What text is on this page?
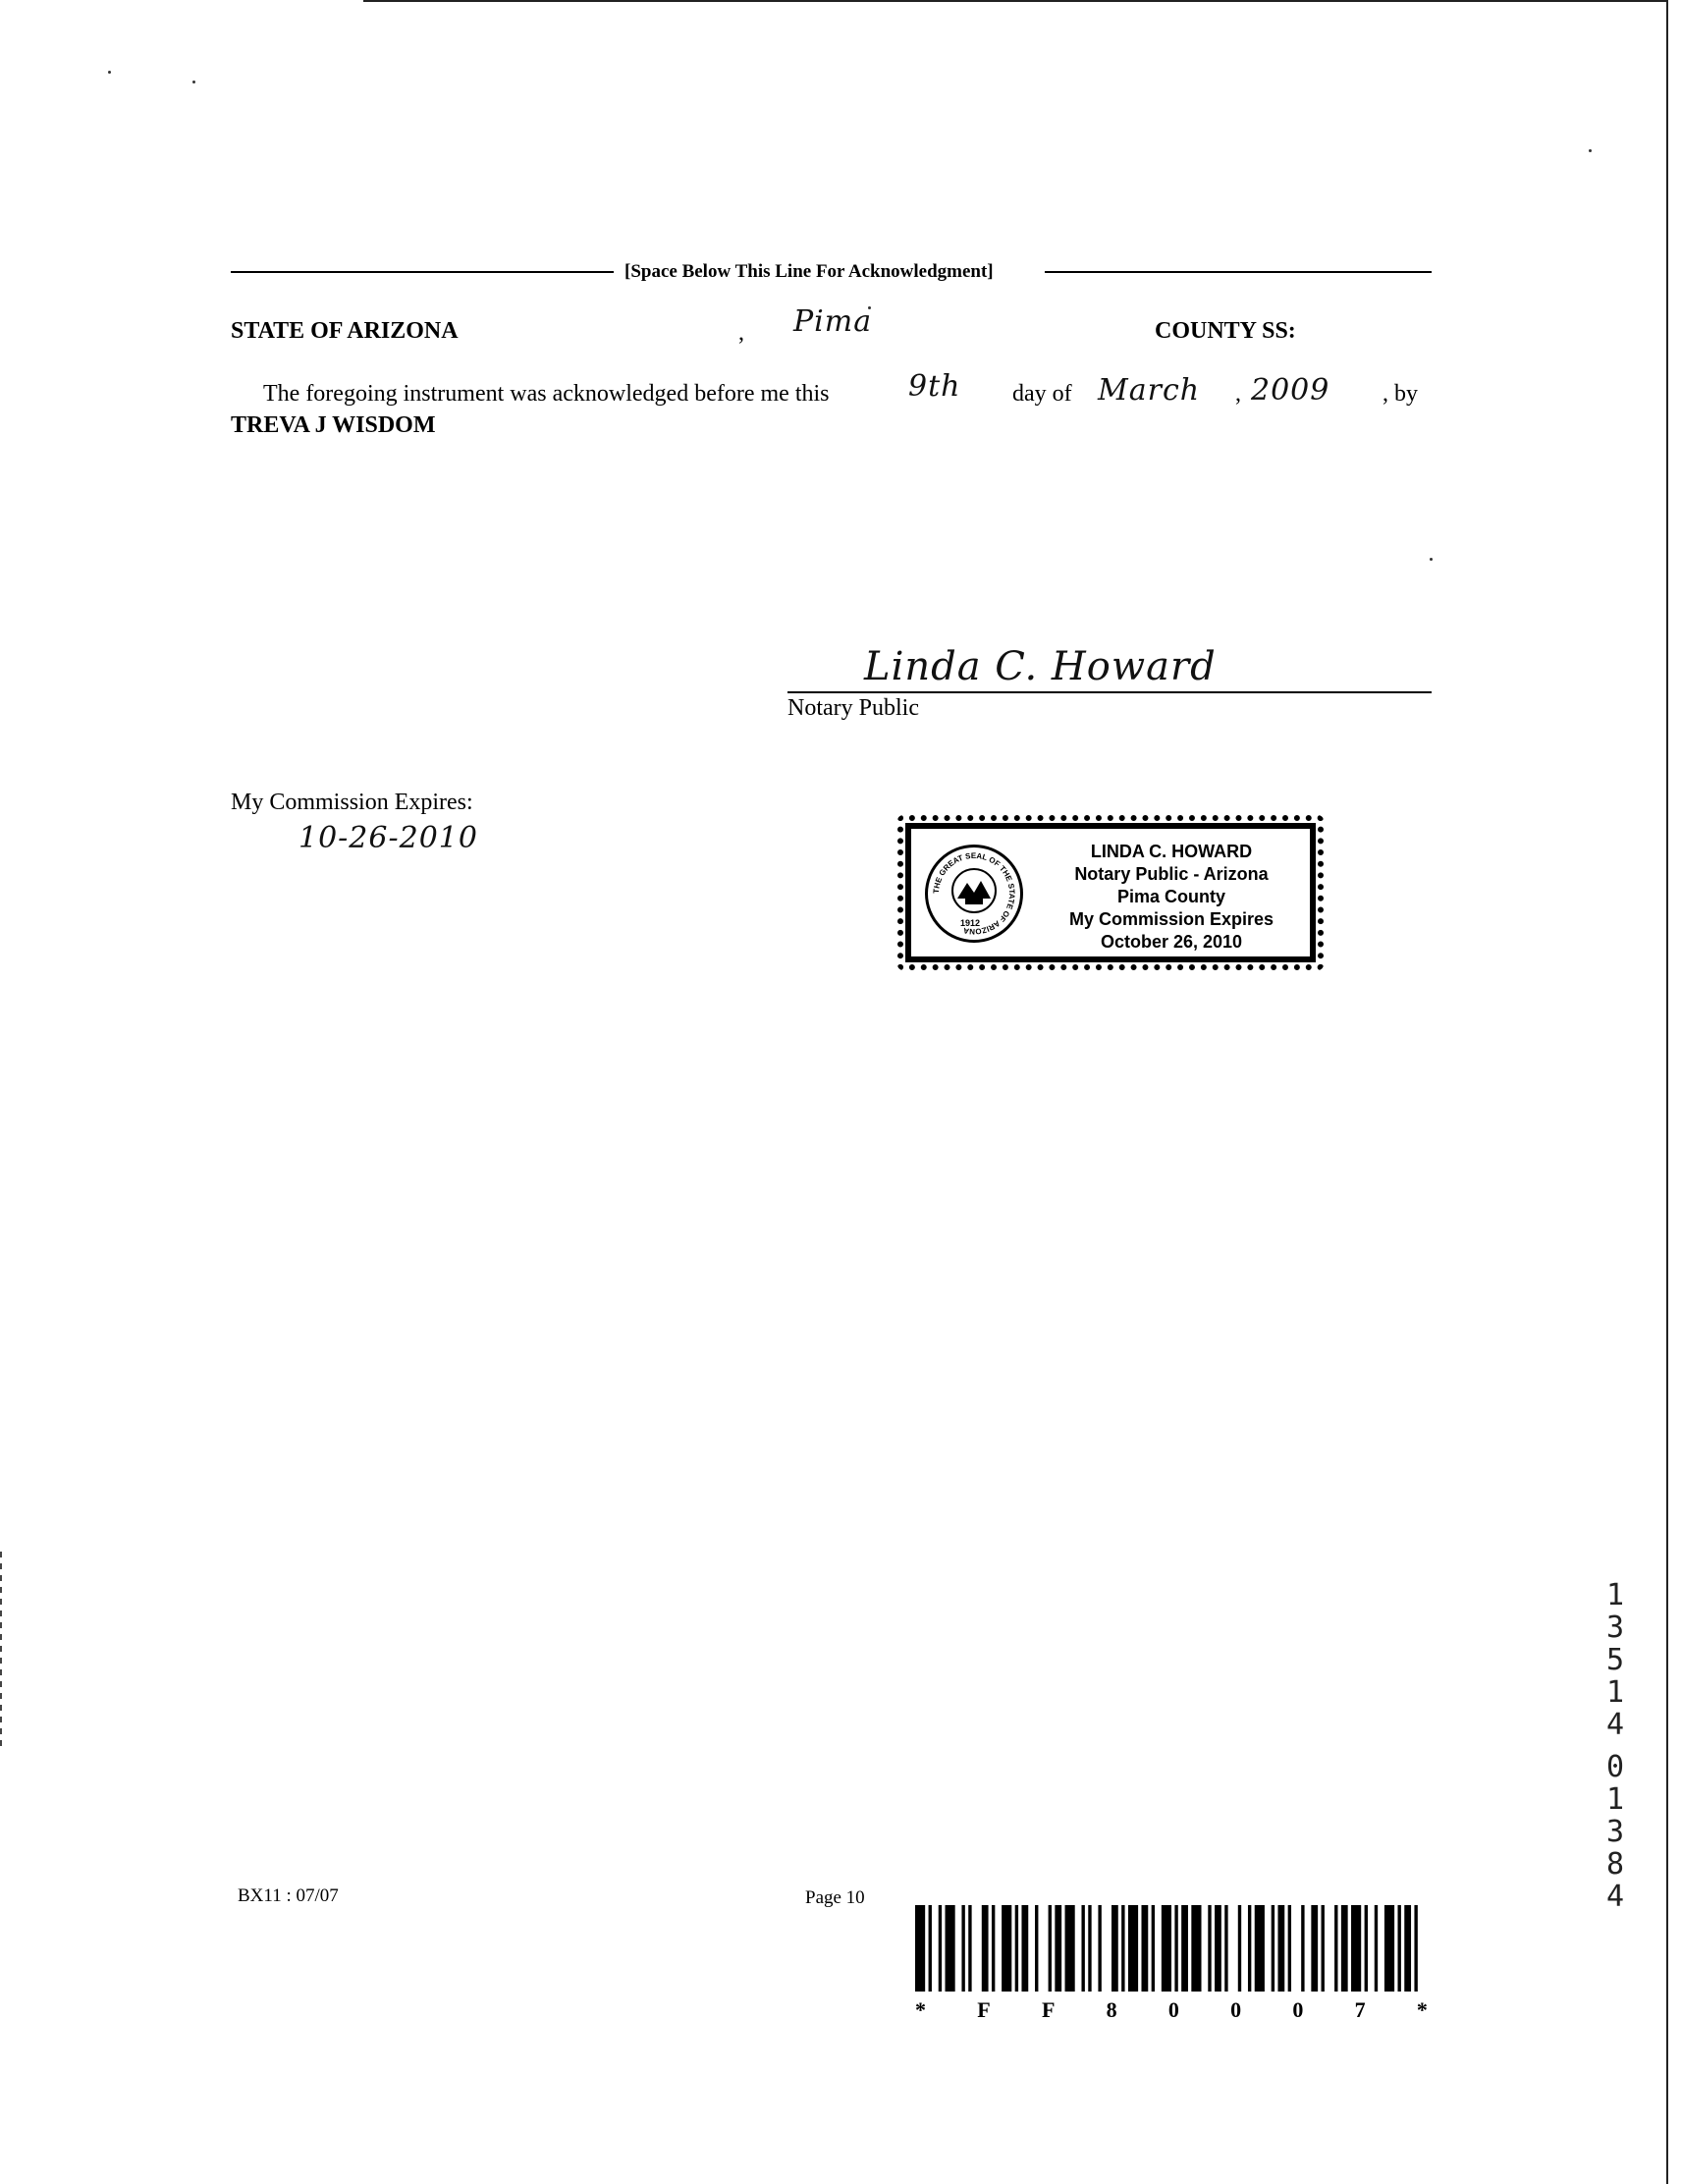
[Space Below This Line For Acknowledgment]
STATE OF ARIZONA	, Pima	COUNTY SS:
The foregoing instrument was acknowledged before me this	9th day of March , 2009 , by
TREVA J WISDOM
Linda C. Howard
Notary Public
My Commission Expires:
10-26-2010
THE GREAT SEAL OF THE STATE OF ARIZONA
1912
LINDA C. HOWARD
Notary Public - Arizona
Pima County
My Commission Expires
October 26, 2010
1
3
5
1
4
0
1
3
8
4
BX11 : 07/07	Page 10
* F F 8 0 0 0 7 *
